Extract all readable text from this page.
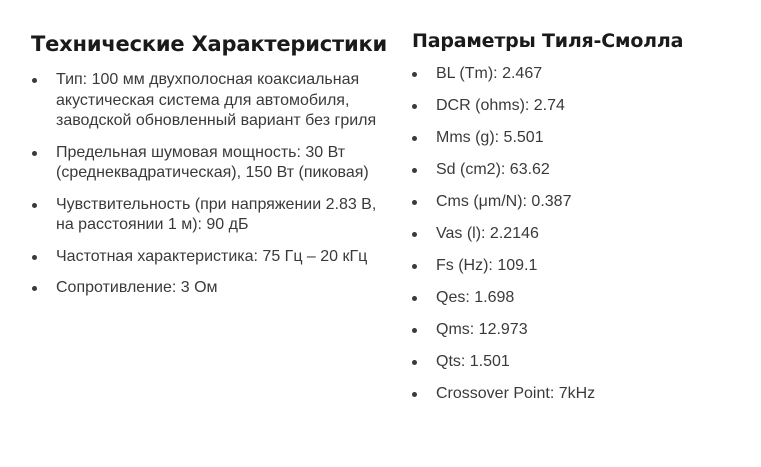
Технические Характеристики
Тип: 100 мм двухполосная коаксиальная акустическая система для автомобиля, заводской обновленный вариант без гриля
Предельная шумовая мощность: 30 Вт (среднеквадратическая), 150 Вт (пиковая)
Чувствительность (при напряжении 2.83 В, на расстоянии 1 м): 90 дБ
Частотная характеристика: 75 Гц – 20 кГц
Сопротивление: 3 Ом
Параметры Тиля-Смолла
BL (Tm): 2.467
DCR (ohms): 2.74
Mms (g): 5.501
Sd (cm2): 63.62
Cms (μm/N): 0.387
Vas (l): 2.2146
Fs (Hz): 109.1
Qes: 1.698
Qms: 12.973
Qts: 1.501
Crossover Point: 7kHz
